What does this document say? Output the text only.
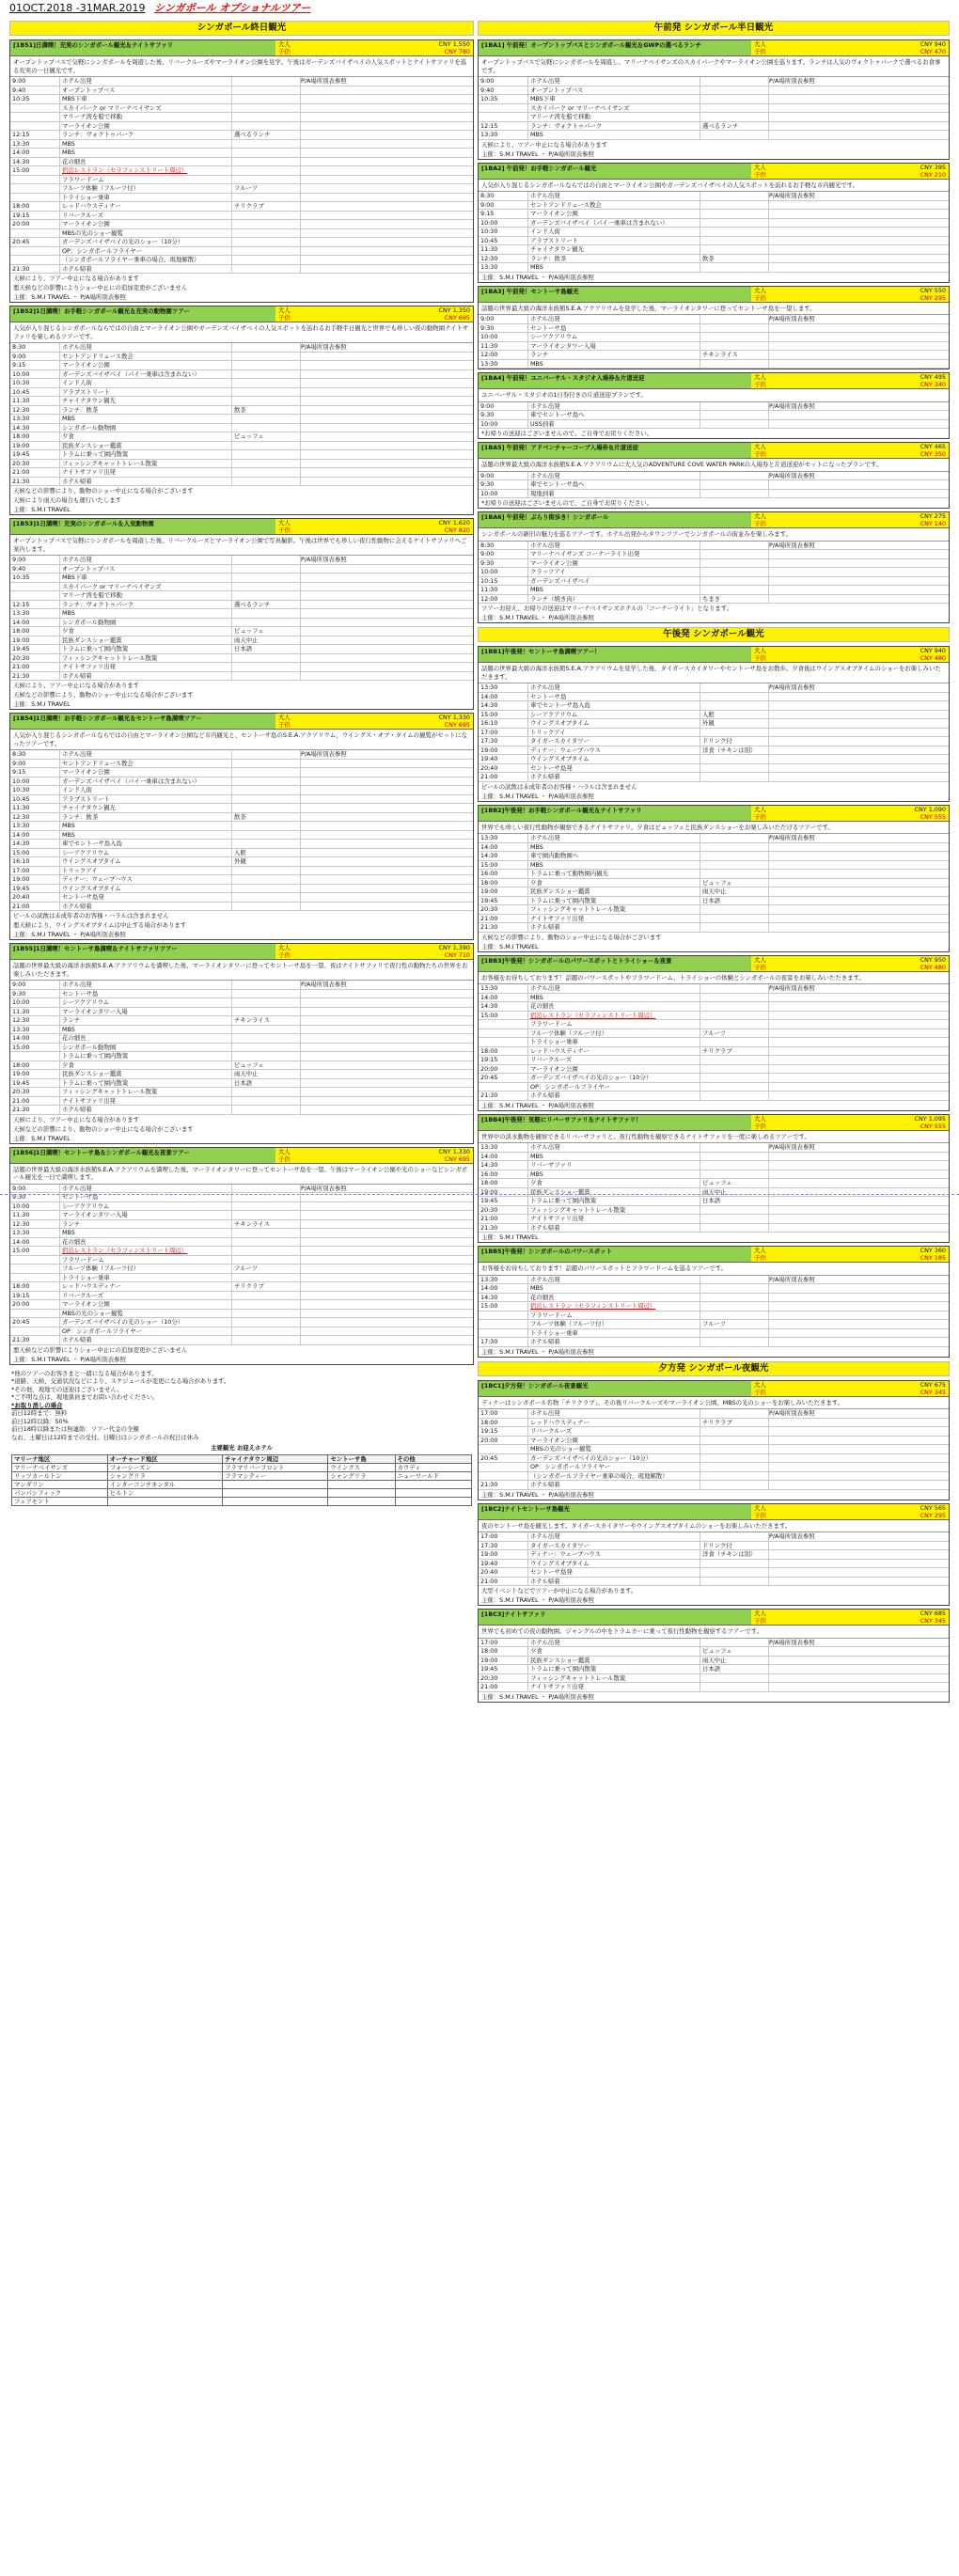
01OCT.2018 -31MAR.2019 シンガポール オプショナルツアー
シンガポール終日観光
[1B51]日満喫！充実のシンガポール観光＆ナイトサファリ	大人	CNY 1,550
子供	CNY 780
オープントップバスで気軽にシンガポールを周遊した後、リバークルーズやマーライオン公園を見学。午後はガーデンズバイザベイの人気スポットとナイトサファリを巡る充実の一日観光です。
9:00	ホテル出発	P/A場所別表参照
9:40	オープントップバス
10:35	MBS下車
スカイパーク or マリーナベイサンズ
マリーナ湾を船で移動
マーライオン公園
12:15	ランチ：ヴォクトゥパーク	選べるランチ
13:30	MBS
14:00	MBS
14:30	花の細長
15:00	宿泊レストラン（セラフィンストリート周辺）
フラワードーム
フルーツ体験（フルーツ付）	フルーツ
トライショー乗車
18:00	レッドハウスディナー	チリクラブ
19:15	リバークルーズ
20:00	マーライオン公園
MBSの光のショー観覧
20:45	ガーデンズバイザベイの光のショー（10分）
OP：シンガポールフライヤー
（シンガポールフライヤー乗車の場合、現地解散）
21:30	ホテル帰着
天候により、ツアー中止になる場合があります
悪天候などの影響によりショー中止にの追加変更がございません
主催：S.M.I TRAVEL ・ P/A場所別表参照
[1B52]1日満喫！お手軽シンガポール観光＆充実の動物園ツアー	大人	CNY 1,350
子供	CNY 695
人気が入り混じるシンガポールならではの自由とマーライオン公園やガーデンズバイザベイの人気スポットを訪れるお手軽半日観光と世界でも珍しい夜の動物園ナイトサファリを楽しめるツアーです。
8:30	ホテル出発	P/A場所別表参照
9:00	セントアンドリュース教会
9:15	マーライオン公園
10:00	ガーデンズバイザベイ（パイ一乗車は含まれない）
10:30	インド人街
10:45	アラブストリート
11:30	チャイナタウン観光
12:30	ランチ：飲茶	飲茶
13:30	MBS
14:30	シンガポール動物園
18:00	夕食	ビュッフェ
19:00	民族ダンスショー鑑賞
19:45	トラムに乗って園内散策
20:30	フィッシングキャットトレール散策
21:00	ナイトサファリ出発
21:30	ホテル帰着
天候などの影響により、動物のショー中止になる場合がございます
天候により雨天の場合も運行いたします
主催：S.M.I TRAVEL
[1B53]1日満喫！充実のシンガポール＆人気動物園	大人	CNY 1,620
子供	CNY 820
オープントップバスで気軽にシンガポールを周遊した後、リバークルーズとマーライオン公園で写真撮影。午後は世界でも珍しい夜行性動物に会えるナイトサファリへご案内します。
9:00	ホテル出発	P/A場所別表参照
9:40	オープントップバス
10:35	MBS下車
スカイパーク or マリーナベイサンズ
マリーナ湾を船で移動
12:15	ランチ：ヴォクトゥパーク	選べるランチ
13:30	MBS
14:00	シンガポール動物園
18:00	夕食	ビュッフェ
19:00	民族ダンスショー鑑賞	雨天中止
19:45	トラムに乗って園内散策	日本語
20:30	フィッシングキャットトレール散策
21:00	ナイトサファリ出発
21:30	ホテル帰着
天候により、ツアー中止になる場合があります
天候などの影響により、動物のショー中止になる場合がございます
主催：S.M.I TRAVEL
[1B54]1日満喫！お手軽シンガポール観光＆セントーサ島満喫ツアー	大人	CNY 1,330
子供	CNY 695
人気が入り混じるシンガポールならではの自由とマーライオン公園など市内観光と、セントーサ島のS.E.A.アクアリウム、ウイングス・オブ・タイムの観覧がセットになったツアーです。
8:30	ホテル出発	P/A場所別表参照
9:00	セントアンドリュース教会
9:15	マーライオン公園
10:00	ガーデンズバイザベイ（パイ一乗車は含まれない）
10:30	インド人街
10:45	アラブストリート
11:30	チャイナタウン観光
12:30	ランチ：飲茶	飲茶
13:30	MBS
14:00	MBS
14:30	車でセントーサ島入島
15:00	シーアクアリウム	入館
16:10	ウイングスオブタイム	外観
17:00	トリックアイ
19:00	ディナー：ウェーブハウス
19:45	ウイングスオブタイム
20:40	セントーサ島発
21:00	ホテル帰着
ビールの試飲は未成年者のお客様・ハラルは含まれません
悪天候により、ウイングスオブタイムは中止する場合があります
主催：S.M.I TRAVEL ・ P/A場所別表参照
[1B55]1日満喫！セントーサ島満喫＆ナイトサファリツアー	大人	CNY 1,390
子供	CNY 710
話題の世界最大級の海洋水族館S.E.A.アクアリウムを満喫した後、マーライオンタワーに登ってセントーサ島を一望。夜はナイトサファリで夜行性の動物たちの世界をお楽しみいただきます。
9:00	ホテル出発	P/A場所別表参照
9:30	セントーサ島
10:00	シーアクアリウム
11:30	マーライオンタワー入場
12:30	ランチ	チキンライス
13:30	MBS
14:00	花の細長
15:00	シンガポール動物園
トラムに乗って園内散策
18:00	夕食	ビュッフェ
19:00	民族ダンスショー鑑賞	雨天中止
19:45	トラムに乗って園内散策	日本語
20:30	フィッシングキャットトレール散策
21:00	ナイトサファリ出発
21:30	ホテル帰着
天候により、ツアー中止になる場合があります
天候などの影響により、動物のショー中止になる場合がございます
主催：S.M.I TRAVEL
[1B56]1日満喫！セントーサ島＆シンガポール観光＆夜景ツアー	大人	CNY 1,330
子供	CNY 695
話題の世界最大級の海洋水族館S.E.A.アクアリウムを満喫した後、マーライオンタワーに登ってセントーサ島を一望。午後はマーライオン公園や光のショーなどシンガポール観光を一日で満喫します。
9:00	ホテル出発	P/A場所別表参照
9:30	セントーサ島
10:00	シーアクアリウム
11:30	マーライオンタワー入場
12:30	ランチ	チキンライス
13:30	MBS
14:00	花の細長
15:00	宿泊レストラン（セラフィンストリート周辺）
フラワードーム
フルーツ体験（フルーツ付）	フルーツ
トライショー乗車
18:00	レッドハウスディナー	チリクラブ
19:15	リバークルーズ
20:00	マーライオン公園
MBSの光のショー観覧
20:45	ガーデンズバイザベイの光のショー（10分）
OP：シンガポールフライヤー
21:30	ホテル帰着
悪天候などの影響によりショー中止にの追加変更がございません
主催：S.M.I TRAVEL ・ P/A場所別表参照
*他のツアーのお客さまと一緒になる場合があります。
*道路、天候、交通状況などにより、スケジュールが変更になる場合があります。
*その他、現地での送迎はございません。
*ご不明な点は、現地係員までお問い合わせください。
*お取り消しの場合
前日12時まで：無料
前日12時以降：50%
前日18時以降または無連絡：ツアー代金の全額
なお、土曜日は12時までの受付。日曜日はシンガポールの祝日は休み
主要観光 お迎えホテル
マリーナ地区	オーチャード地区	チャイナタウン周辺	セントーサ島	その他
マリーナベイサンズ	フォーシーズン	フラマリバーフロント	ウイングス	カウディ
リッツカールトン	シャングリラ	フラマシティー	シャングリラ	ニューワールド
マンダリン	インターコンチネンタル			
パンパシフィック	ヒルトン			
フェアモント				
午前発 シンガポール半日観光
[1BA1] 午前発！オープントップバスとシンガポール観光＆GWPの選べるランチ	大人	CNY 940
子供	CNY 470
オープントップバスで気軽にシンガポールを周遊し、マリーナベイサンズのスカイパークやマーライオン公園を巡ります。ランチは人気のヴォクトゥパークで選べるお食事です。
9:00	ホテル出発	P/A場所別表参照
9:40	オープントップバス
10:35	MBS下車
スカイパーク or マリーナベイサンズ
マリーナ湾を船で移動
12:15	ランチ：ヴォクトゥパーク	選べるランチ
13:30	MBS
天候により、ツアー中止になる場合があります
主催：S.M.I TRAVEL ・ P/A場所別表参照
[1BA2] 午前発！お手軽シンガポール観光	大人	CNY 395
子供	CNY 210
人気が入り混じるシンガポールならではの自由とマーライオン公園やガーデンズバイザベイの人気スポットを訪れるお手軽な市内観光です。
8:30	ホテル出発	P/A場所別表参照
9:00	セントアンドリュース教会
9:15	マーライオン公園
10:00	ガーデンズバイザベイ（パイ一乗車は含まれない）
10:30	インド人街
10:45	アラブストリート
11:30	チャイナタウン観光
12:30	ランチ：飲茶	飲茶
13:30	MBS
主催：S.M.I TRAVEL ・ P/A場所別表参照
[1BA3] 午前発！セントーサ島観光	大人	CNY 550
子供	CNY 295
話題の世界最大級の海洋水族館S.E.A.アクアリウムを見学した後、マーライオンタワーに登ってセントーサ島を一望します。
9:00	ホテル出発	P/A場所別表参照
9:30	セントーサ島
10:00	シーアクアリウム
11:30	マーライオンタワー入場
12:00	ランチ	チキンライス
13:30	MBS
[1BA4] 午前発！ユニバーサル・スタジオ入場券＆片道送迎	大人	CNY 495
子供	CNY 340
ユニバーサル・スタジオの1日券付きの片道送迎プランです。
9:00	ホテル出発	P/A場所別表参照
9:30	車でセントーサ島へ
10:00	USS到着
*お帰りの送迎はございませんので、ご自身でお戻りください。
[1BA5] 午前発！アドベンチャーコーブ入場券＆片道送迎	大人	CNY 465
子供	CNY 350
話題の世界最大級の海洋水族館S.E.A.アクアリウムに大人気のADVENTURE COVE WATER PARKの入場券と片道送迎がセットになったプランです。
9:00	ホテル出発	P/A場所別表参照
9:30	車でセントーサ島へ
10:00	現地到着
*お帰りの送迎はございませんので、ご自身でお戻りください。
[1BA6] 午前発！ぶらり街歩き！シンガポール	大人	CNY 275
子供	CNY 140
シンガポールの新旧の魅力を巡るツアーです。ホテル出発からタウンツアーでシンガポールの街並みを楽しみます。
8:30	ホテル出発	P/A場所別表参照
9:00	マリーナベイサンズ コーナーライト出発
9:30	マーライオン公園
10:00	クラッツアイ
10:15	ガーデンズバイザベイ
11:30	MBS
12:00	ランチ（焼き肉）	ちまき
ツアーお迎え、お帰りの送迎はマリーナベイサンズホテルの「コーナーライト」となります。
主催：S.M.I TRAVEL ・ P/A場所別表参照
午後発 シンガポール観光
[1BB1]午後発！セントーサ島満喫ツアー！	大人	CNY 940
子供	CNY 480
話題の世界最大級の海洋水族館S.E.A.アクアリウムを見学した後、タイガースカイタワーやセントーサ島をお散歩。夕食後はウイングスオブタイムのショーをお楽しみいただきます。
13:30	ホテル出発	P/A場所別表参照
14:00	セントーサ島
14:30	車でセントーサ島入島
15:00	シーアクアリウム	入館
16:10	ウイングスオブタイム	外観
17:00	トリックアイ
17:30	タイガースカイタワー	ドリンク付
19:00	ディナー：ウェーブハウス	洋食（チキンは別）
19:40	ウイングスオブタイム
20:40	セントーサ島発
21:00	ホテル帰着
ビールの試飲は未成年者のお客様・ハラルは含まれません
主催：S.M.I TRAVEL ・ P/A場所別表参照
[1BB2]午後発！お手軽シンガポール観光＆ナイトサファリ	大人	CNY 1,090
子供	CNY 555
世界でも珍しい夜行性動物が観察できるナイトサファリ。夕食はビュッフェと民族ダンスショーをお楽しみいただけるツアーです。
13:30	ホテル出発	P/A場所別表参照
14:00	MBS
14:30	車で園内動物園へ
15:00	MBS
16:00	トラムに乗って動物園内観光
18:00	夕食	ビュッフェ
19:00	民族ダンスショー鑑賞	雨天中止
19:45	トラムに乗って園内散策	日本語
20:30	フィッシングキャットトレール散策
21:00	ナイトサファリ出発
21:30	ホテル帰着
天候などの影響により、動物のショー中止になる場合がございます
主催：S.M.I TRAVEL
[1BB3]午後発！シンガポールのパワースポットとトライショー＆夜景	大人	CNY 950
子供	CNY 480
お客様をお待ちしております！話題のパワースポットやフラワードーム、トライショーの体験とシンガポールの夜景をお楽しみいただきます。
13:30	ホテル出発	P/A場所別表参照
14:00	MBS
14:30	花の細長
15:00	宿泊レストラン（セラフィンストリート周辺）
フラワードーム
フルーツ体験（フルーツ付）	フルーツ
トライショー乗車
18:00	レッドハウスディナー	チリクラブ
19:15	リバークルーズ
20:00	マーライオン公園
20:45	ガーデンズバイザベイの光のショー（10分）
OP：シンガポールフライヤー
21:30	ホテル帰着
主催：S.M.I TRAVEL ・ P/A場所別表参照
[1BB4]午後発！気軽にリバーサファリ＆ナイトサファリ！	大人	CNY 1,095
子供	CNY 555
世界中の淡水動物を観察できるリバーサファリと、夜行性動物を観察できるナイトサファリを一度に楽しめるツアーです。
13:30	ホテル出発	P/A場所別表参照
14:00	MBS
14:30	リバーサファリ
16:00	MBS
18:00	夕食	ビュッフェ
19:00	民族ダンスショー鑑賞	雨天中止
19:45	トラムに乗って園内散策	日本語
20:30	フィッシングキャットトレール散策
21:00	ナイトサファリ出発
21:30	ホテル帰着
主催：S.M.I TRAVEL
[1BB5]午後発！シンガポールのパワースポット	大人	CNY 360
子供	CNY 185
お客様をお待ちしております！話題のパワースポットとフラワードームを巡るツアーです。
13:30	ホテル出発	P/A場所別表参照
14:00	MBS
14:30	花の細長
15:00	宿泊レストラン（セラフィンストリート周辺）
フラワードーム
フルーツ体験（フルーツ付）	フルーツ
トライショー乗車
17:30	ホテル帰着
主催：S.M.I TRAVEL ・ P/A場所別表参照
夕方発 シンガポール夜観光
[1BC1]夕方発！シンガポール夜景観光	大人	CNY 675
子供	CNY 345
ディナーはシンガポール名物「チリクラブ」。その後リバークルーズやマーライオン公園、MBSの光のショーをお楽しみいただきます。
17:00	ホテル出発	P/A場所別表参照
18:00	レッドハウスディナー	チリクラブ
19:15	リバークルーズ
20:00	マーライオン公園
MBSの光のショー観覧
20:45	ガーデンズバイザベイの光のショー（10分）
OP：シンガポールフライヤー
（シンガポールフライヤー乗車の場合、現地解散）
21:30	ホテル帰着
主催：S.M.I TRAVEL ・ P/A場所別表参照
[1BC2]ナイトセントーサ島観光	大人	CNY 565
子供	CNY 295
夜のセントーサ島を観光します。タイガースカイタワーやウイングスオブタイムのショーをお楽しみいただきます。
17:00	ホテル出発	P/A場所別表参照
17:30	タイガースカイタワー	ドリンク付
19:00	ディナー：ウェーブハウス	洋食（チキンは別）
19:40	ウイングスオブタイム
20:40	セントーサ島発
21:00	ホテル帰着
大型イベントなどでツアーが中止になる場合があります。
主催：S.M.I TRAVEL ・ P/A場所別表参照
[1BC3]ナイトサファリ	大人	CNY 685
子供	CNY 345
世界でも初めての夜の動物園。ジャングルの中をトラムカーに乗って夜行性動物を観察するツアーです。
17:00	ホテル出発	P/A場所別表参照
18:00	夕食	ビュッフェ
19:00	民族ダンスショー鑑賞	雨天中止
19:45	トラムに乗って園内散策	日本語
20:30	フィッシングキャットトレール散策
21:00	ナイトサファリ出発
主催：S.M.I TRAVEL ・ P/A場所別表参照
